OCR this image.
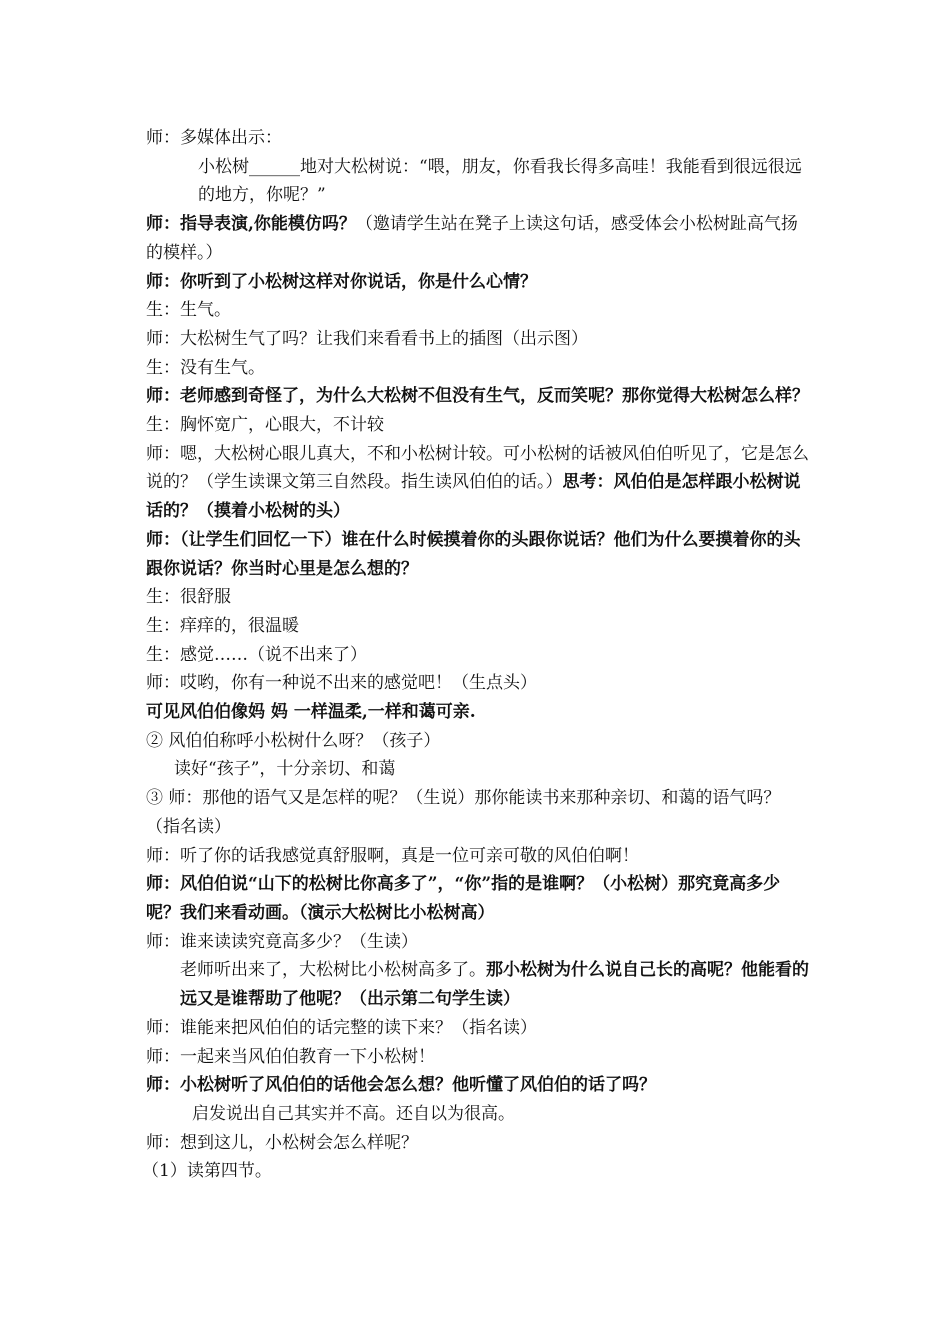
师：多媒体出示：

小松树______地对大松树说：“喂，朋友，你看我长得多高哇！我能看到很远很远的地方，你呢？”

师：指导表演,你能模仿吗？（邀请学生站在凳子上读这句话，感受体会小松树趾高气扬的模样。）

师：你听到了小松树这样对你说话，你是什么心情？

生：生气。

师：大松树生气了吗？让我们来看看书上的插图（出示图）

生：没有生气。

师：老师感到奇怪了，为什么大松树不但没有生气，反而笑呢？那你觉得大松树怎么样？

生：胸怀宽广，心眼大，不计较

师：嗯，大松树心眼儿真大，不和小松树计较。可小松树的话被风伯伯听见了，它是怎么说的？（学生读课文第三自然段。指生读风伯伯的话。）思考：风伯伯是怎样跟小松树说话的？（摸着小松树的头）

师：（让学生们回忆一下）谁在什么时候摸着你的头跟你说话？他们为什么要摸着你的头跟你说话？你当时心里是怎么想的？

生：很舒服

生：痒痒的，很温暖

生：感觉……（说不出来了）

师：哎哟，你有一种说不出来的感觉吧！（生点头）

可见风伯伯像妈 妈 一样温柔,一样和蔼可亲.

② 风伯伯称呼小松树什么呀？（孩子）

读好“孩子”，十分亲切、和蔼

③ 师：那他的语气又是怎样的呢？（生说）那你能读书来那种亲切、和蔼的语气吗？（指名读）

师：听了你的话我感觉真舒服啊，真是一位可亲可敬的风伯伯啊！

师：风伯伯说“山下的松树比你高多了”，“你”指的是谁啊？（小松树）那究竟高多少呢？我们来看动画。（演示大松树比小松树高）

师：谁来读读究竟高多少？（生读）

老师听出来了，大松树比小松树高多了。那小松树为什么说自己长的高呢？他能看的远又是谁帮助了他呢？（出示第二句学生读）

师：谁能来把风伯伯的话完整的读下来？（指名读）

师：一起来当风伯伯教育一下小松树！

师：小松树听了风伯伯的话他会怎么想？他听懂了风伯伯的话了吗？

启发说出自己其实并不高。还自以为很高。

师：想到这儿，小松树会怎么样呢？

（1）读第四节。
